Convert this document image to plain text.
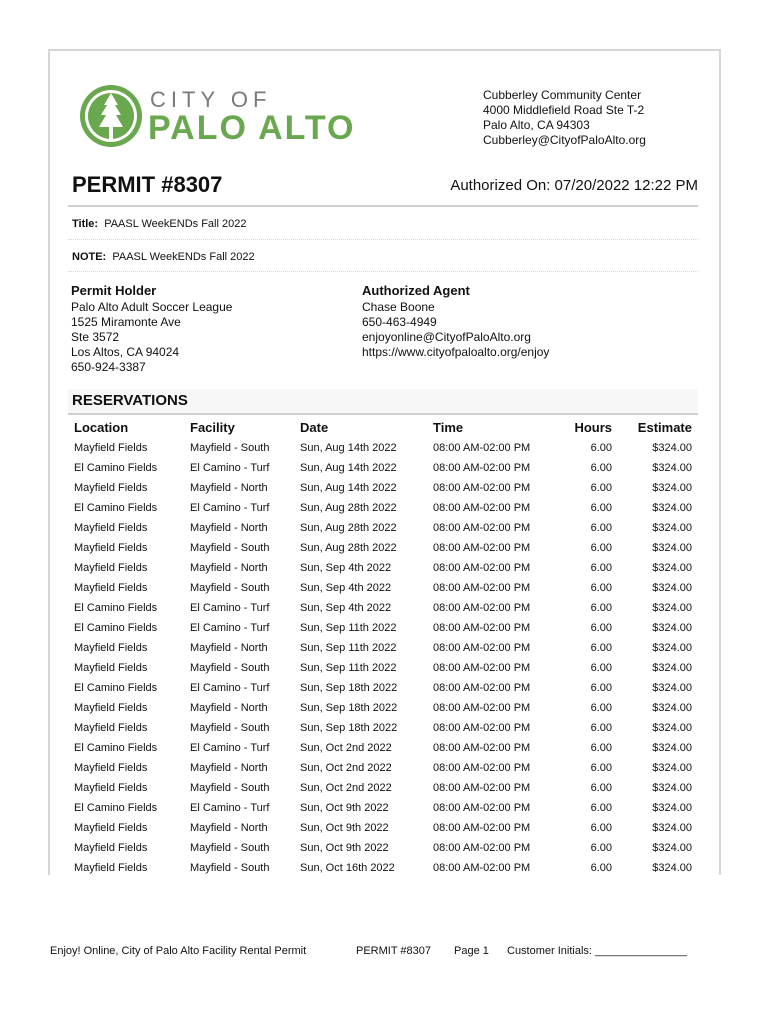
CITY OF
PALO ALTO
Cubberley Community Center
4000 Middlefield Road Ste T-2
Palo Alto, CA 94303
Cubberley@CityofPaloAlto.org
PERMIT #8307	Authorized On: 07/20/2022 12:22 PM
Title: PAASL WeekENDs Fall 2022
NOTE: PAASL WeekENDs Fall 2022
Permit Holder
Palo Alto Adult Soccer League
1525 Miramonte Ave
Ste 3572
Los Altos, CA 94024
650-924-3387
Authorized Agent
Chase Boone
650-463-4949
enjoyonline@CityofPaloAlto.org
https://www.cityofpaloalto.org/enjoy
RESERVATIONS
Location	Facility	Date	Time	Hours	Estimate
Mayfield Fields	Mayfield - South	Sun, Aug 14th 2022	08:00 AM-02:00 PM	6.00	$324.00
El Camino Fields	El Camino - Turf	Sun, Aug 14th 2022	08:00 AM-02:00 PM	6.00	$324.00
Mayfield Fields	Mayfield - North	Sun, Aug 14th 2022	08:00 AM-02:00 PM	6.00	$324.00
El Camino Fields	El Camino - Turf	Sun, Aug 28th 2022	08:00 AM-02:00 PM	6.00	$324.00
Mayfield Fields	Mayfield - North	Sun, Aug 28th 2022	08:00 AM-02:00 PM	6.00	$324.00
Mayfield Fields	Mayfield - South	Sun, Aug 28th 2022	08:00 AM-02:00 PM	6.00	$324.00
Mayfield Fields	Mayfield - North	Sun, Sep 4th 2022	08:00 AM-02:00 PM	6.00	$324.00
Mayfield Fields	Mayfield - South	Sun, Sep 4th 2022	08:00 AM-02:00 PM	6.00	$324.00
El Camino Fields	El Camino - Turf	Sun, Sep 4th 2022	08:00 AM-02:00 PM	6.00	$324.00
El Camino Fields	El Camino - Turf	Sun, Sep 11th 2022	08:00 AM-02:00 PM	6.00	$324.00
Mayfield Fields	Mayfield - North	Sun, Sep 11th 2022	08:00 AM-02:00 PM	6.00	$324.00
Mayfield Fields	Mayfield - South	Sun, Sep 11th 2022	08:00 AM-02:00 PM	6.00	$324.00
El Camino Fields	El Camino - Turf	Sun, Sep 18th 2022	08:00 AM-02:00 PM	6.00	$324.00
Mayfield Fields	Mayfield - North	Sun, Sep 18th 2022	08:00 AM-02:00 PM	6.00	$324.00
Mayfield Fields	Mayfield - South	Sun, Sep 18th 2022	08:00 AM-02:00 PM	6.00	$324.00
El Camino Fields	El Camino - Turf	Sun, Oct 2nd 2022	08:00 AM-02:00 PM	6.00	$324.00
Mayfield Fields	Mayfield - North	Sun, Oct 2nd 2022	08:00 AM-02:00 PM	6.00	$324.00
Mayfield Fields	Mayfield - South	Sun, Oct 2nd 2022	08:00 AM-02:00 PM	6.00	$324.00
El Camino Fields	El Camino - Turf	Sun, Oct 9th 2022	08:00 AM-02:00 PM	6.00	$324.00
Mayfield Fields	Mayfield - North	Sun, Oct 9th 2022	08:00 AM-02:00 PM	6.00	$324.00
Mayfield Fields	Mayfield - South	Sun, Oct 9th 2022	08:00 AM-02:00 PM	6.00	$324.00
Mayfield Fields	Mayfield - South	Sun, Oct 16th 2022	08:00 AM-02:00 PM	6.00	$324.00
Enjoy! Online, City of Palo Alto Facility Rental Permit	PERMIT #8307 Page 1 Customer Initials: _______________
